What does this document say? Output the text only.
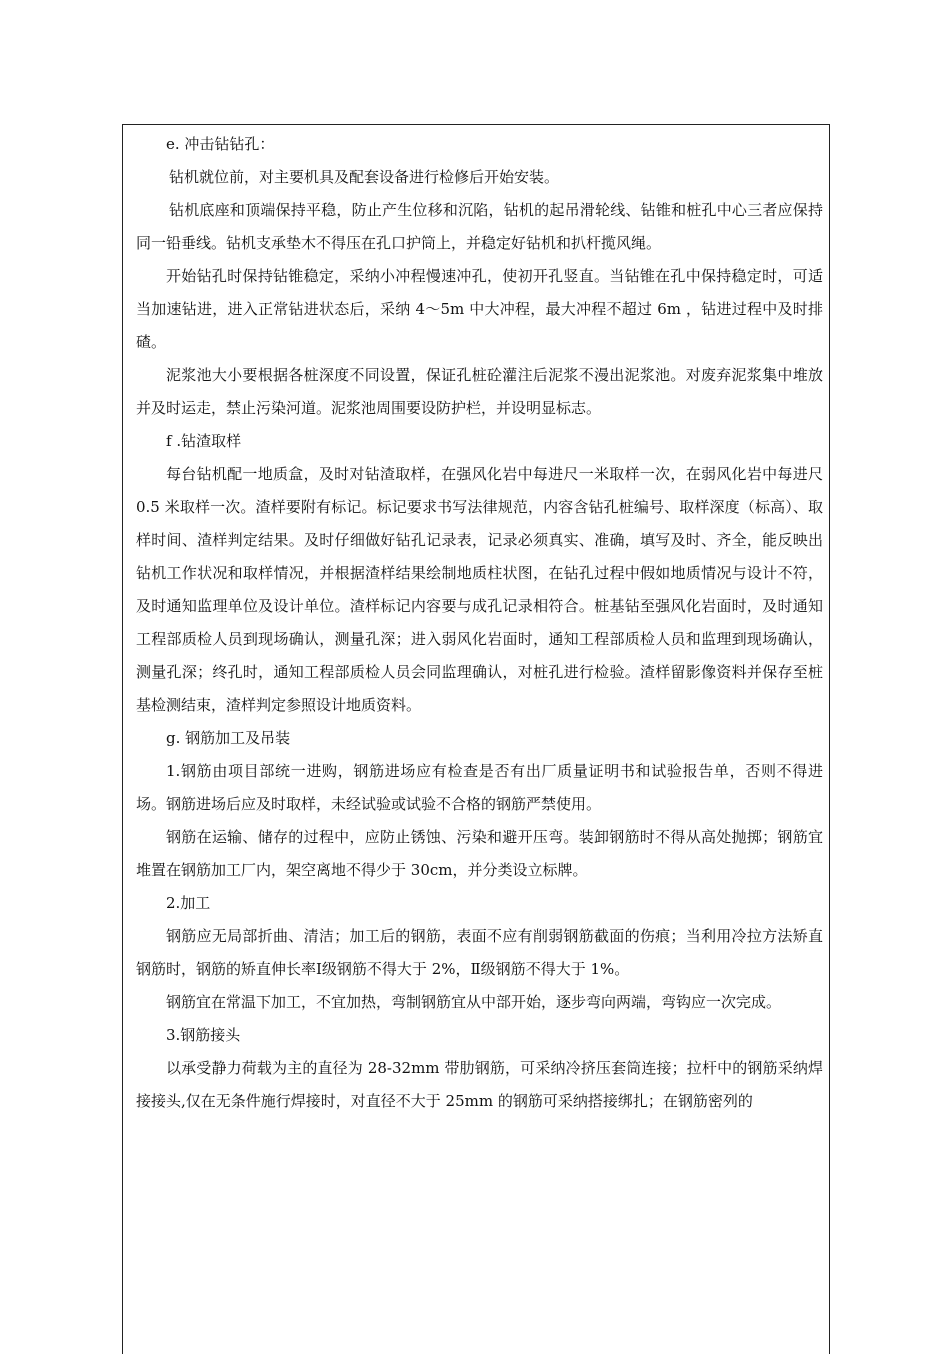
e. 冲击钻钻孔：

钻机就位前，对主要机具及配套设备进行检修后开始安装。

钻机底座和顶端保持平稳，防止产生位移和沉陷，钻机的起吊滑轮线、钻锥和桩孔中心三者应保持同一铅垂线。钻机支承垫木不得压在孔口护筒上，并稳定好钻机和扒杆揽风绳。

开始钻孔时保持钻锥稳定，采纳小冲程慢速冲孔，使初开孔竖直。当钻锥在孔中保持稳定时，可适当加速钻进，进入正常钻进状态后，采纳 4～5m 中大冲程，最大冲程不超过 6m ，钻进过程中及时排碴。

泥浆池大小要根据各桩深度不同设置，保证孔桩砼灌注后泥浆不漫出泥浆池。对废弃泥浆集中堆放并及时运走，禁止污染河道。泥浆池周围要设防护栏，并设明显标志。

f .钻渣取样

每台钻机配一地质盒，及时对钻渣取样，在强风化岩中每进尺一米取样一次，在弱风化岩中每进尺 0.5 米取样一次。渣样要附有标记。标记要求书写法律规范，内容含钻孔桩编号、取样深度（标高）、取样时间、渣样判定结果。及时仔细做好钻孔记录表，记录必须真实、准确，填写及时、齐全，能反映出钻机工作状况和取样情况，并根据渣样结果绘制地质柱状图，在钻孔过程中假如地质情况与设计不符，及时通知监理单位及设计单位。渣样标记内容要与成孔记录相符合。桩基钻至强风化岩面时，及时通知工程部质检人员到现场确认，测量孔深；进入弱风化岩面时，通知工程部质检人员和监理到现场确认，测量孔深；终孔时，通知工程部质检人员会同监理确认，对桩孔进行检验。渣样留影像资料并保存至桩基检测结束，渣样判定参照设计地质资料。

g. 钢筋加工及吊装

1.钢筋由项目部统一进购，钢筋进场应有检查是否有出厂质量证明书和试验报告单，否则不得进场。钢筋进场后应及时取样，未经试验或试验不合格的钢筋严禁使用。

钢筋在运输、储存的过程中，应防止锈蚀、污染和避开压弯。装卸钢筋时不得从高处抛掷；钢筋宜堆置在钢筋加工厂内，架空离地不得少于 30cm，并分类设立标牌。

2.加工

钢筋应无局部折曲、清洁；加工后的钢筋，表面不应有削弱钢筋截面的伤痕；当利用冷拉方法矫直钢筋时，钢筋的矫直伸长率Ⅰ级钢筋不得大于 2%，Ⅱ级钢筋不得大于 1%。

钢筋宜在常温下加工，不宜加热，弯制钢筋宜从中部开始，逐步弯向两端，弯钩应一次完成。

3.钢筋接头

以承受静力荷载为主的直径为 28-32mm 带肋钢筋，可采纳冷挤压套筒连接；拉杆中的钢筋采纳焊接接头,仅在无条件施行焊接时，对直径不大于 25mm 的钢筋可采纳搭接绑扎；在钢筋密列的
